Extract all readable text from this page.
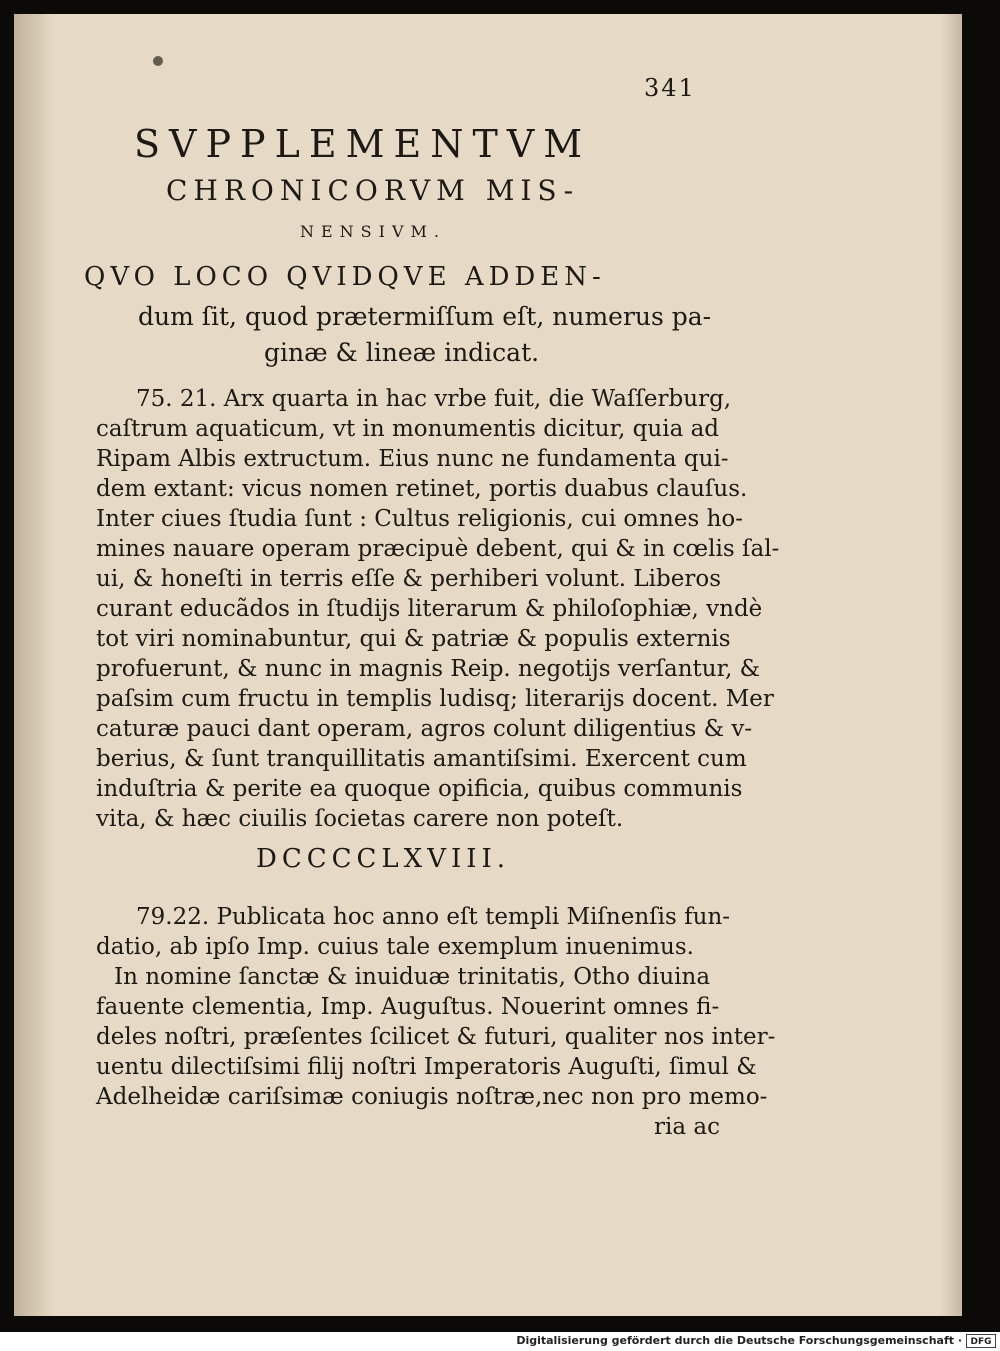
341
SVPPLEMENTVM
CHRONICORVM MIS-
NENSIVM.
QVO LOCO QVIDQVE ADDEN-
dum ſit, quod prætermiſſum eſt, numerus pa-
ginæ & lineæ indicat.
75. 21. Arx quarta in hac vrbe fuit, die Waſſerburg,
caſtrum aquaticum, vt in monumentis dicitur, quia ad
Ripam Albis extructum. Eius nunc ne fundamenta qui-
dem extant: vicus nomen retinet, portis duabus clauſus.
Inter ciues ſtudia ſunt : Cultus religionis, cui omnes ho-
mines nauare operam præcipuè debent, qui & in cœlis ſal-
ui, & honeſti in terris eſſe & perhiberi volunt. Liberos
curant educãdos in ſtudijs literarum & philoſophiæ, vndè
tot viri nominabuntur, qui & patriæ & populis externis
profuerunt, & nunc in magnis Reip. negotijs verſantur, &
paſsim cum fructu in templis ludisq; literarijs docent. Mer
caturæ pauci dant operam, agros colunt diligentius & v-
berius, & ſunt tranquillitatis amantiſsimi. Exercent cum
induſtria & perite ea quoque opificia, quibus communis
vita, & hæc ciuilis ſocietas carere non poteſt.
DCCCCLXVIII.
79.22. Publicata hoc anno eſt templi Miſnenſis fun-
datio, ab ipſo Imp. cuius tale exemplum inuenimus.
In nomine ſanctæ & inuiduæ trinitatis, Otho diuina
fauente clementia, Imp. Auguſtus. Nouerint omnes fi-
deles noſtri, præſentes ſcilicet & futuri, qualiter nos inter-
uentu dilectiſsimi filij noſtri Imperatoris Auguſti, ſimul &
Adelheidæ cariſsimæ coniugis noſtræ,nec non pro memo-
ria ac
Digitalisierung gefördert durch die Deutsche Forschungsgemeinschaft · DFG
